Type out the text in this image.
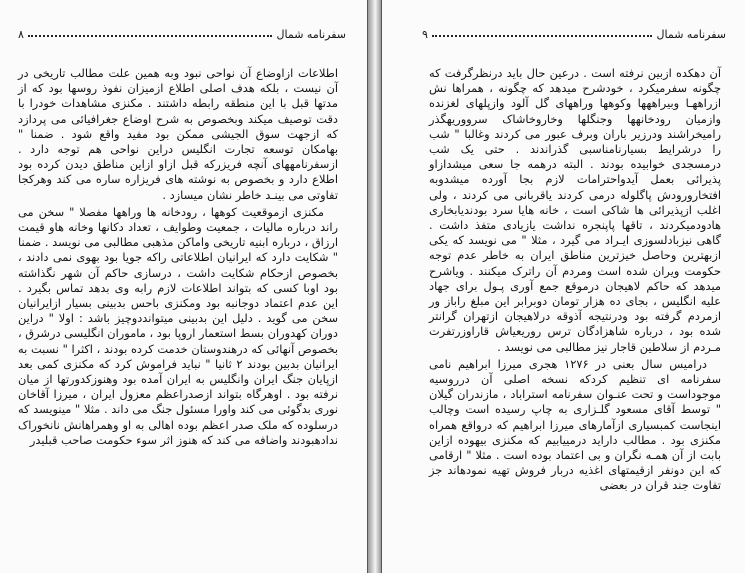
سفرنامه شمال
۸

اطلاعات ازاوضاع آن نواحی نبود وبه همین علت مطالب تاریخی در آن نیست ، بلکه هدف اصلی اطلاع ازمیزان نفوذ روسها بود که از مدتها قبل با این منطقه رابطه داشتند . مکنزی مشاهدات خودرا با دقت توصیف میکند وبخصوص به شرح اوضاع جغرافیائی می پردازد که ازجهت سوق الجیشی ممکن بود مفید واقع شود . ضمنا " بهامکان توسعه تجارت انگلیس دراین نواحی هم توجه دارد . ازسفرنامههای آنچه فریزرکه قبل ازاو ازاین مناطق دیدن کرده بود اطلاع دارد و بخصوص به نوشته های فریزاره ساره می کند وهرکجا تفاوتی می بینـد خاطر نشان میسازد .

مکنزی ازموقعیت کوهها ، رودخانه ها وراهها مفصلا " سخن می راند درباره مالیات ، جمعیت وطوایف ، تعداد دکانها وخانه هاو قیمت ارزاق ، درباره ابنیه تاریخی واماکن مذهبی مطالبی می نویسد . ضمنا " شکایت دارد که ایرانیان اطلاعاتی راکه جویا بود بهوی نمی دادند ، بخصوص ازحکام شکایت داشت ، درسازی حاکم آن شهر نگذاشته بود اوبا کسی که بتواند اطلاعات لازم رابه وی بدهد تماس بگیرد . این عدم اعتماد دوجانبه بود ومکنزی باحس بدبینی بسیار ازایرانیان سخن می گوید . دلیل این بدبینی میتوانددوچیز باشد : اولا " دراین دوران کهدوران بسط استعمار اروپا بود ، ماموران انگلیسی درشرق ، بخصوص آنهائی که درهندوستان خدمت کرده بودند ، اکثرا " نسبت به ایرانیان بدبین بودند ۲ ثانیا " نباید فراموش کرد که مکنزی کمی بعد ازپایان جنگ ایران وانگلیس به ایران آمده بود وهنوزکدورتها از میان نرفته بود . اوهرگاه بتواند ازصدراعظم معزول ایران ، میرزا آقاخان نوری بدگوئی می کند واورا مسئول جنگ می داند . مثلا " مینویسد که درسلوده که ملک صدر اعظم بوده اهالی به او وهمراهانش نانخوراک ندادهبودند واضافه می کند که هنوز اثر سوء حکومت صاحب قبلیدر

سفرنامه شمال
۹

آن دهکده ازبین نرفته است . درعین حال باید درنظرگرفت که چگونه سفرمیکرد ، خودشرح میدهد که چگونه ، همراها نش ازراههـا وبیراههها وکوهها وراههای گل آلود وازپلهای لغزنده وازمیان رودخانهها وجنگلها وخاروخاشاک سرووریهگذر رامیخراشند ودرزیر باران وبرف عبور می کردند وغالبا " شب را درشرایط بسیارنامناسبی گذراندند . حتی یک شب درمسجدی خوابیده بودند . البته درهمه جا سعی میشدازاو پذیرائی بعمل آیدواحترامات لازم بجا آورده میشدوبه افتخارورودش پاگلوله درمی کردند یاقربانی می کردند ، ولی اغلب ازپذیرائی ها شاکی است ، خانه هایا سرد بودندیابخاری هادودمیکردند ، تاقها پاپنجره نداشت یازیادی متفذ داشت . گاهی نیزبادلسوزی ایـراد می گیرد ، مثلا " می نویسد که یکی ازبهترین وحاصل خیزترین مناطق ایران به خاطر عدم توجه حکومت ویران شده است ومردم آن راترک میکنند . ویاشرح میدهد که حاکم لاهیجان درموقع جمع آوری پـول برای جهاد علیه انگلیس ، بجای ده هزار تومان دوبرابر این مبلغ راباز ور ازمردم گرفته بود ودرنتیجه آذوقه درلاهیجان ازتهران گرانتر شده بود ، درباره شاهزادگان ترس روریعیاش قاراوزرتفرت مـردم از سلاطین قاجار نیز مطالبی می نویسد .

درامیس سال بعنی در ۱۲۷۶ هجری میرزا ابراهیم نامی سفرنامه ای تنظیم کردکه نسخه اصلی آن درروسیه موجوداست و تحت عنـوان سفرنامه استراباد ، مازندران گیلان " توسط آقای مسعود گلـزاری به چاپ رسیده است وچالب اینجاست کمبسیاری ازآمارهای میرزا ابراهیم که درواقع همراه مکنزی بود . مطالب داراید درمییابیم که مکنزی بیهوده ازاین بابت از آن همـه نگران و بی اعتماد بوده است . مثلا " ارقامی که این دونفر ازقیمتهای اغذیه دربار فروش تهیه نمودهاند جز تفاوت جند قران در بعضی
